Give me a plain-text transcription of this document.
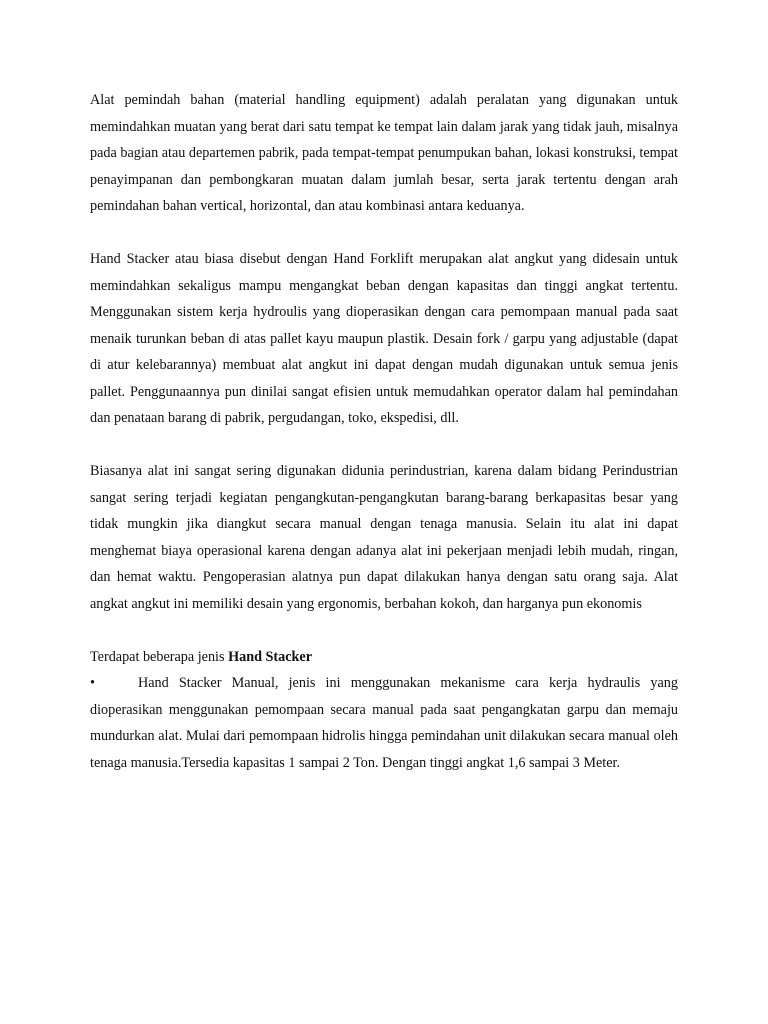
Alat pemindah bahan (material handling equipment) adalah peralatan yang digunakan untuk memindahkan muatan yang berat dari satu tempat ke tempat lain dalam jarak yang tidak jauh, misalnya pada bagian atau departemen pabrik, pada tempat-tempat penumpukan bahan, lokasi konstruksi, tempat penayimpanan dan pembongkaran muatan dalam jumlah besar, serta jarak tertentu dengan arah pemindahan bahan vertical, horizontal, dan atau kombinasi antara keduanya.

Hand Stacker atau biasa disebut dengan Hand Forklift merupakan alat angkut yang didesain untuk memindahkan sekaligus mampu mengangkat beban dengan kapasitas dan tinggi angkat tertentu. Menggunakan sistem kerja hydroulis yang dioperasikan dengan cara pemompaan manual pada saat menaik turunkan beban di atas pallet kayu maupun plastik. Desain fork / garpu yang adjustable (dapat di atur kelebarannya) membuat alat angkut ini dapat dengan mudah digunakan untuk semua jenis pallet. Penggunaannya pun dinilai sangat efisien untuk memudahkan operator dalam hal pemindahan dan penataan barang di pabrik, pergudangan, toko, ekspedisi, dll.

Biasanya alat ini sangat sering digunakan didunia perindustrian, karena dalam bidang Perindustrian sangat sering terjadi kegiatan pengangkutan-pengangkutan barang-barang berkapasitas besar yang tidak mungkin jika diangkut secara manual dengan tenaga manusia. Selain itu alat ini dapat menghemat biaya operasional karena dengan adanya alat ini pekerjaan menjadi lebih mudah, ringan, dan hemat waktu. Pengoperasian alatnya pun dapat dilakukan hanya dengan satu orang saja. Alat angkat angkut ini memiliki desain yang ergonomis, berbahan kokoh, dan harganya pun ekonomis

Terdapat beberapa jenis Hand Stacker

•	Hand Stacker Manual, jenis ini menggunakan mekanisme cara kerja hydraulis yang dioperasikan menggunakan pemompaan secara manual pada saat pengangkatan garpu dan memaju mundurkan alat. Mulai dari pemompaan hidrolis hingga pemindahan unit dilakukan secara manual oleh tenaga manusia.Tersedia kapasitas 1 sampai 2 Ton. Dengan tinggi angkat 1,6 sampai 3 Meter.
